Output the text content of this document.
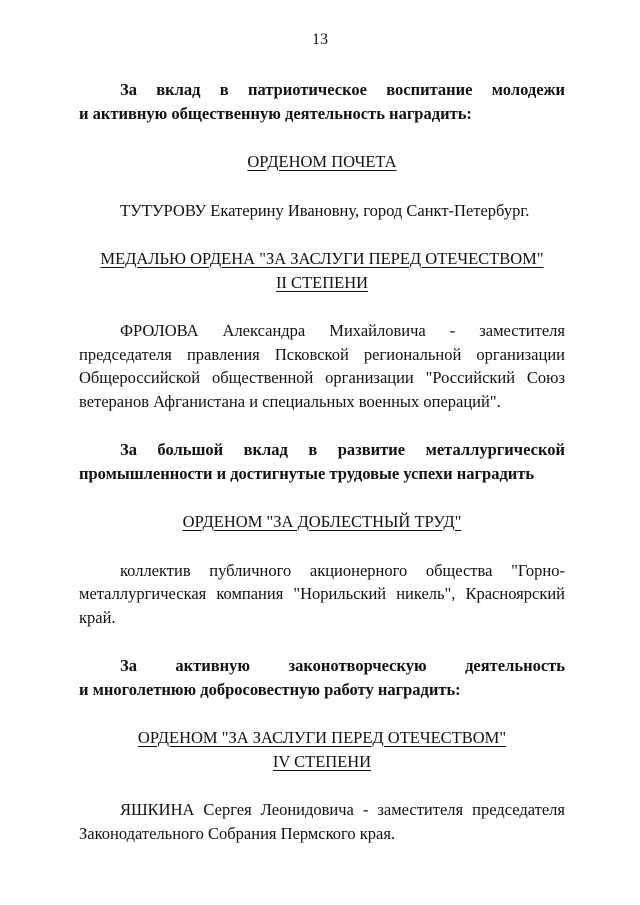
13

За вклад в патриотическое воспитание молодежи

и активную общественную деятельность наградить:

ОРДЕНОМ ПОЧЕТА

ТУТУРОВУ Екатерину Ивановну, город Санкт-Петербург.

МЕДАЛЬЮ ОРДЕНА "ЗА ЗАСЛУГИ ПЕРЕД ОТЕЧЕСТВОМ"
II СТЕПЕНИ

ФРОЛОВА Александра Михайловича - заместителя председателя правления Псковской региональной организации Общероссийской общественной организации "Российский Союз ветеранов Афганистана и специальных военных операций".

За большой вклад в развитие металлургической промышленности и достигнутые трудовые успехи наградить

ОРДЕНОМ "ЗА ДОБЛЕСТНЫЙ ТРУД"

коллектив публичного акционерного общества "Горно-металлургическая компания "Норильский никель", Красноярский край.

За активную законотворческую деятельность

и многолетнюю добросовестную работу наградить:

ОРДЕНОМ "ЗА ЗАСЛУГИ ПЕРЕД ОТЕЧЕСТВОМ"
IV СТЕПЕНИ

ЯШКИНА Сергея Леонидовича - заместителя председателя Законодательного Собрания Пермского края.
